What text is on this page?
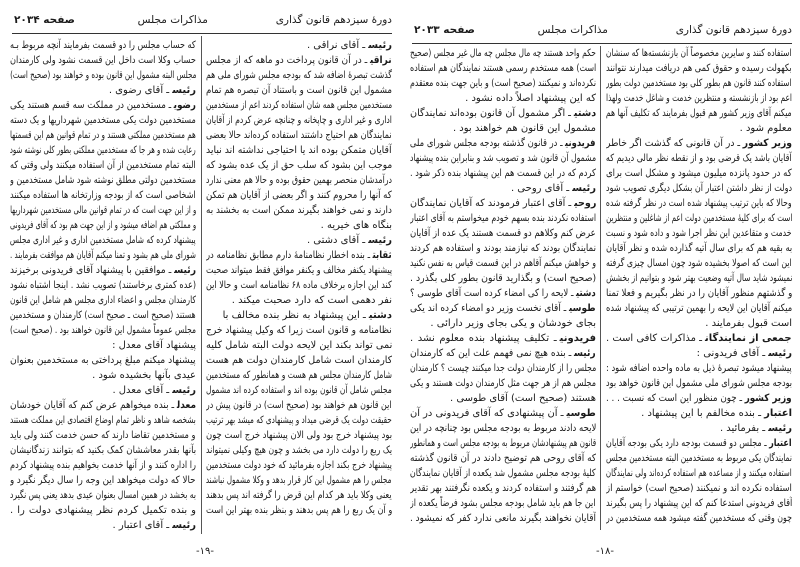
دورهٔ سیزدهم قانون گذاری
مذاکرات مجلس
صفحه ۲۰۳۴
رئیسـ آقای نراقی .
نراقیـ در آن قانون پرداخت دو ماهه که از مجلس
گذشت تبصرهٔ اضافه شد که بودجه مجلس شورای ملی هم
مشمول این قانون است و باستناد آن تبصره هم تمام
مستخدمین مجلس همه شان استفاده کردند اعم از مستخدمین
اداری و غیر اداری و چاپخانه و چنانچه عرض کردم از آقایان
نمایندگان هم احتیاج داشتند استفاده کرده‌اند حالا بعضی
آقایان متمکن بوده اند یا احتیاجی نداشته اند نباید
موجب این بشود که سلب حق از یک عده بشود که
درآمدشان منحصر بهمین حقوق بوده و حالا هم معنی ندارد
که آنها را محروم کنند و اگر بعضی از آقایان هم تمکن
دارند و نمی خواهند بگیرند ممکن است به بخشند به
بنگاه های خیریه .
رئیسـ آقای دشتی .
ثقابتـ بنده اخطار نظامنامهٔ دارم مطابق نظامنامه در
پیشنهاد یکنفر مخالف و یکنفر موافق فقط میتواند صحبت
کند این اجازه برخلاف ماده ۶۸ نظامنامه است و حالا این
نفر دهمی است که دارد صحبت میکند .
دشتیـ این پیشنهاد به نظر بنده مخالف با
نظامنامه و قانون است زیرا که وکیل پیشنهاد خرج
نمی تواند بکند این لایحه دولت البته شامل کلیه
کارمندان است شامل کارمندان دولت هم هست
شامل کارمندان مجلس هم هست و همانطور که مستخدمین
مجلس شامل آن قانون بوده اند و استفاده کرده اند مشمول
این قانون هم خواهند بود (صحیح است) در قانون پیش در
حقیقت دولت یک قرضی میداد و پیشنهادی که میشد بهر ترتیب
بود پیشنهاد خرج بود ولی الان پیشنهاد خرج است چون
یک ربع را دولت دارد می بخشد و چون هیچ وکیلی نمیتواند
پیشنهاد خرج بکند اجازه بفرمائید که خود دولت مستخدمین
مجلس را هم مشمول این کار قرار بدهد و وکلا مشمول نباشند
یعنی وکلا باید هر کدام این قرض را گرفته اند پس بدهند
و آن یک ربع را هم پس بدهند و بنظر بنده بهتر این است
که حساب مجلس را دو قسمت بفرمایند آنچه مربوط بـه
حساب وکلا است داخل این قسمت نشود ولی کارمندان
مجلس البته مشمول این قانون بوده و خواهند بود (صحیح است)
رئیسـ آقای رضوی .
رضویـ مستخدمین در مملکت سه قسم هستند یکی
مستخدمین دولت یکی مستخدمین شهرداریها و یک دسته
هم مستخدمین مملکتی هستند و در تمام قوانین هم این قسمتها
رعایت شده و هر جا که مستخدمین مملکتی بطور کلی نوشته شود
البته تمام مستخدمین از آن استفاده میکنند ولی وقتی که
مستخدمین دولتی مطلق نوشته شود شامل مستخدمین و
اشخاصی است که از بودجه وزارتخانه ها استفاده میکنند
و از این جهت است که در تمام قوانین مالی مستخدمین شهرداریها
و مملکتی هم اضافه میشود و از این جهت هم بود که آقای فریدونی
پیشنهاد کرده که شامل مستخدمین اداری و غیر اداری مجلس
شورای ملی هم بشود و تمنا میکنم آقایان هم موافقت بفرمایند .
رئیسـ موافقین با پیشنهاد آقای فریدونی برخیزند
(عده کمتری برخاستند) تصویب نشد . اینجا اشتباه نشود
کارمندان مجلس و اعضاء اداری مجلس هم شامل این قانون
هستند (صحیح است ـ صحیح است) کارمندان و مستخدمین
مجلس عموماً مشمول این قانون خواهند بود . (صحیح است)
پیشنهاد آقای معدل :
پیشنهاد میکنم مبلغ پرداختی به مستخدمین بعنوان
عیدی بآنها بخشیده شود .
رئیسـ آقای معدل .
معدلـ بنده میخواهم عرض کنم که آقایان خودشان
بشخصه شاهد و ناظر تمام اوضاع اقتصادی این مملکت هستند
و مستخدمین تقاضا دارند که حسن خدمت کنند ولی باید
بآنها بقدر معاششان کمک بکنید که بتوانند زندگانیشان
را اداره کنند و از آنها خدمت بخواهیم بنده پیشنهاد کردم
حالا که دولت میخواهد این وجه را سال دیگر نگیرد و
به بخشد در همین امسال بعنوان عیدی بدهد یعنی پس نگیرد
و بنده تکمیل کردم نظر پیشنهادی دولت را .
رئیسـ آقای اعتبار .
-۱۹-
دورهٔ سیزدهم قانون گذاری
مذاکرات مجلس
صفحه ۲۰۳۳
استفاده کنند و سایرین مخصوصاً آن بازنشسته‌ها که سنشان
بکهولت رسیده و حقوق کمی هم دریافت میدارند نتوانند
استفاده کنند قانون هم بطور کلی بود مستخدمین دولت بطور
اعم بود از بازنشسته و منتظرین خدمت و شاغل خدمت ولهذا
میکنم آقای وزیر کشور هم قبول بفرمایند که تکلیف آنها هم
معلوم شود .
وزیر کشورـ در آن قانونی که گذشت اگر خاطر
آقایان باشد یک قرضی بود و از نقطه نظر مالی دیدیم که
که در حدود پانزده میلیون میشود و مشکل است برای
دولت از نظر داشتن اعتبار آن بشکل دیگری تصویب شود
وحالا که باین ترتیب پیشنهاد شده است در نظر گرفته شده
است که برای کلیهٔ مستخدمین دولت اعم از شاغلین و منتظرین
خدمت و متقاعدین این نظر اجرا شود و داده شود و نسبت
به بقیه هم که برای سال آتیه گذارده شده و نظر آقایان
این است که اصولا بخشیده شود چون امسال چیزی گرفته
نمیشود شاید سال آتیه وضعیت بهتر شود و بتوانیم از بخشش
و گذشتهم منظور آقایان را در نظر بگیریم و فعلا تمنا
میکنم آقایان این لایحه را بهمین ترتیبی که پیشنهاد شده
است قبول بفرمایند .
جمعی از نمایندگانـ مذاکرات کافی است .
رئیسـ آقای فریدونی :
پیشنهاد میشود تبصرهٔ ذیل به ماده واحده اضافه شود :
بودجه مجلس شورای ملی مشمول این قانون خواهد بود
وزیر کشورـ چون منظور این است که نسبت . . .
اعتبارـ بنده مخالفم با این پیشنهاد .
رئیسـ بفرمائید .
اعتبارـ مجلس دو قسمت بودجه دارد یکی بودجه آقایان
نمایندگان یکی مربوط به مستخدمین البته مستخدمین مجلس
استفاده میکنند و از مساعده هم استفاده کرده‌اند ولی نمایندگان
استفاده نکرده اند و نمیکنند (صحیح است) خواستم از
آقای فریدونی استدعا کنم که این پیشنهاد را پس بگیرند
چون وقتی که مستخدمین گفته میشود همه مستخدمین در
حکم واحد هستند چه مال مجلس چه مال غیر مجلس (صحیح
است) همه مستخدم رسمی هستند نمایندگان هم استفاده
نکرده‌اند و نمیکنند (صحیح است) و باین جهت بنده معتقدم
که این پیشنهاد اصلاً داده نشود .
دشتیـ اگر مشمول آن قانون بوده‌اند نمایندگان
مشمول این قانون هم خواهند بود .
فریدونیـ در قانون گذشته بودجه مجلس شورای ملی
مشمول آن قانون شد و تصویب شد و بنابراین بنده پیشنهاد
کردم که در این قسمت هم این پیشنهاد بنده ذکر شود .
رئیسـ آقای روحی .
روحیـ آقای اعتبار فرمودند که آقایان نمایندگان
استفاده نکردند بنده بسهم خودم میخواستم به آقای اعتبار
عرض کنم وکلاهم دو قسمت هستند یک عده از آقایان
نمایندگان بودند که نیازمند بودند و استفاده هم کردند
و خواهش میکنم آقاهم در این قسمت قیاس به نفس نکنید
(صحیح است) و بگذارید قانون بطور کلی بگذرد .
دشتیـ لایحه را کی امضاء کرده است آقای طوسی ؟
طوسیـ آقای نخست وزیر دو امضاء کرده اند یکی
بجای خودشان و یکی بجای وزیر دارائی .
فریدونیـ تکلیف پیشنهاد بنده معلوم نشد .
رئیسـ بنده هیچ نمی فهمم علت این که کارمندان
مجلس را از کارمندان دولت جدا میکنند چیست ؟ کارمندان
مجلس هم از هر جهت مثل کارمندان دولت هستند و یکی
هستند (صحیح است) آقای طوسی .
طوسیـ آن پیشنهادی که آقای فریدونی در آن
لایحه دادند مربوط به بودجه مجلس بود چنانچه در این
قانون هم پیشنهادشان مربوط به بودجه مجلس است و همانطور
که آقای روحی هم توضیح دادند در آن قانون گذشته
کلیهٔ بودجه مجلس مشمول شد یکعده از آقایان نمایندگان
هم گرفتند و استفاده کردند و یکعده نگرفتند بهر تقدیر
این جا هم باید شامل بودجه مجلس بشود فرضاً یکعده از
آقایان نخواهند بگیرند مانعی ندارد کفر که نمیشود .
-۱۸-
